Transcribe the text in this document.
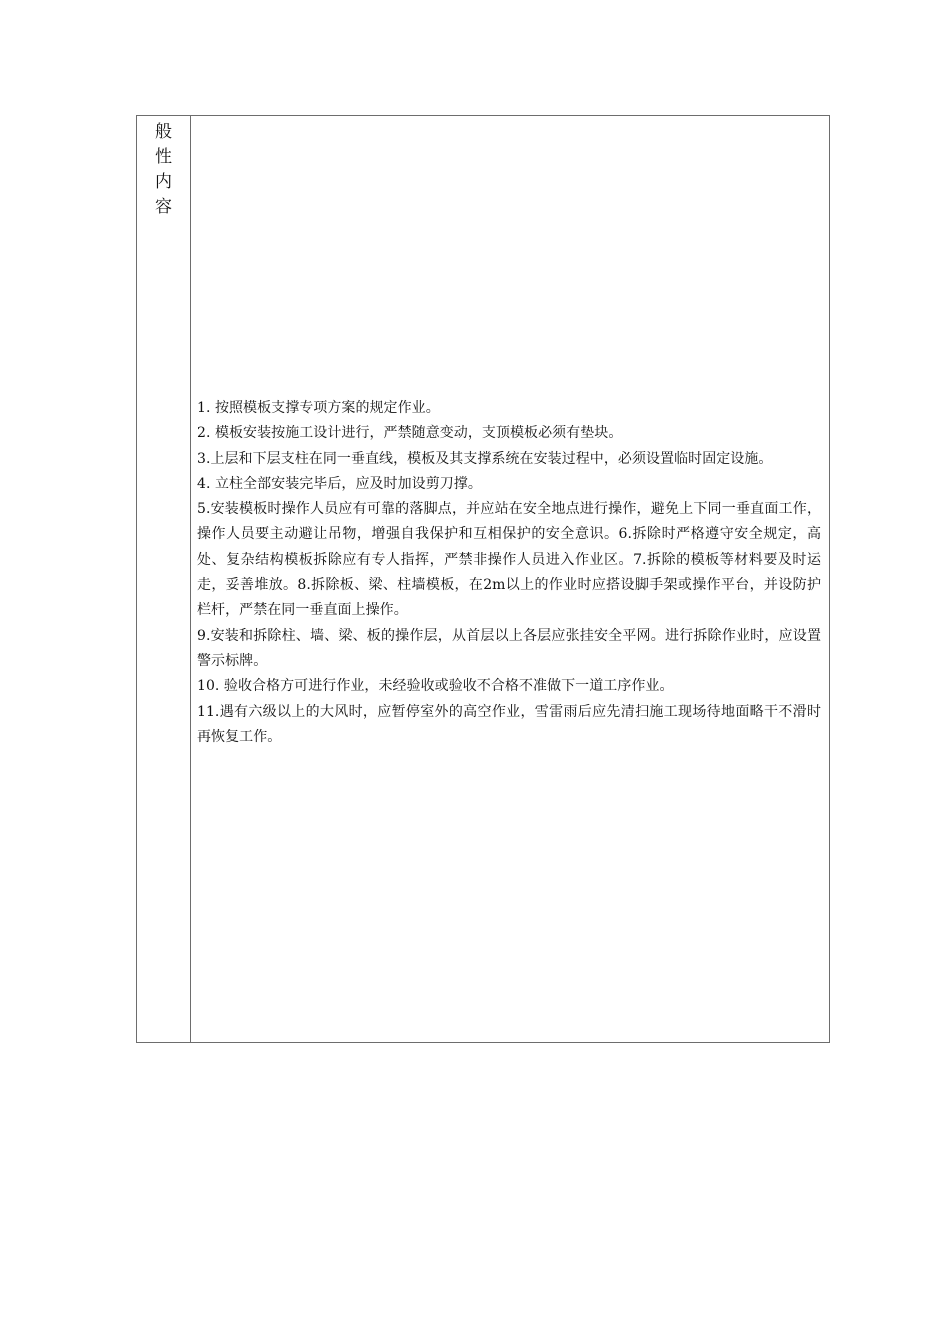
般
性
内
容

1. 按照模板支撑专项方案的规定作业。

2. 模板安装按施工设计进行，严禁随意变动，支顶模板必须有垫块。

3.上层和下层支柱在同一垂直线，模板及其支撑系统在安装过程中，必须设置临时固定设施。

4. 立柱全部安装完毕后，应及时加设剪刀撑。

5.安装模板时操作人员应有可靠的落脚点，并应站在安全地点进行操作，避免上下同一垂直面工作，操作人员要主动避让吊物，增强自我保护和互相保护的安全意识。6.拆除时严格遵守安全规定，高处、复杂结构模板拆除应有专人指挥，严禁非操作人员进入作业区。7.拆除的模板等材料要及时运走，妥善堆放。8.拆除板、梁、柱墙模板，在2m以上的作业时应搭设脚手架或操作平台，并设防护栏杆，严禁在同一垂直面上操作。

9.安装和拆除柱、墙、梁、板的操作层，从首层以上各层应张挂安全平网。进行拆除作业时，应设置警示标牌。

10. 验收合格方可进行作业，未经验收或验收不合格不准做下一道工序作业。

11.遇有六级以上的大风时，应暂停室外的高空作业，雪雷雨后应先清扫施工现场待地面略干不滑时再恢复工作。
